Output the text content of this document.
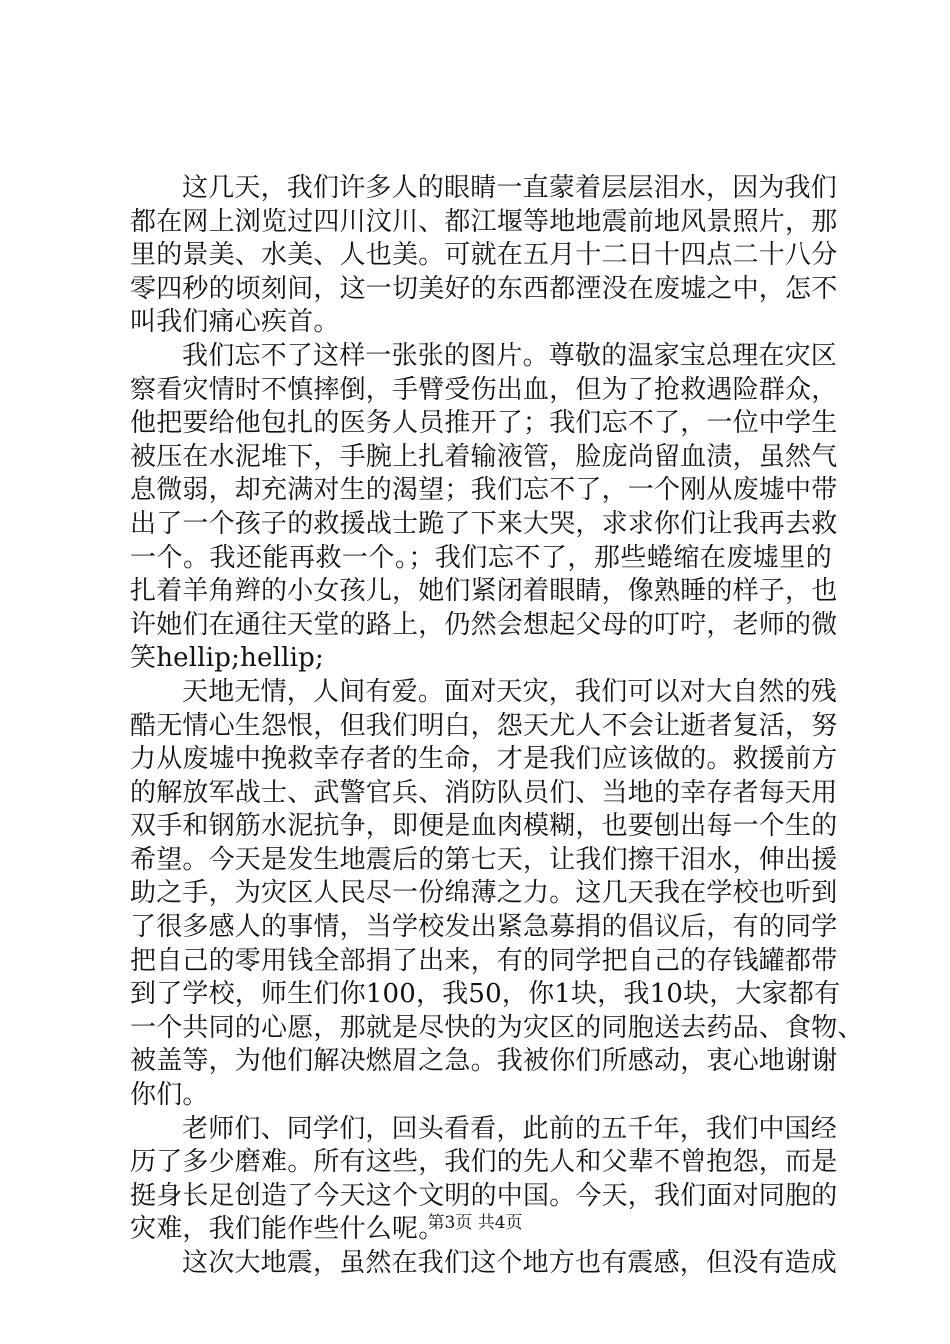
这几天，我们许多人的眼睛一直蒙着层层泪水，因为我们
都在网上浏览过四川汶川、都江堰等地地震前地风景照片，那
里的景美、水美、人也美。可就在五月十二日十四点二十八分
零四秒的顷刻间，这一切美好的东西都湮没在废墟之中，怎不
叫我们痛心疾首。
我们忘不了这样一张张的图片。尊敬的温家宝总理在灾区
察看灾情时不慎摔倒，手臂受伤出血，但为了抢救遇险群众，
他把要给他包扎的医务人员推开了；我们忘不了，一位中学生
被压在水泥堆下，手腕上扎着输液管，脸庞尚留血渍，虽然气
息微弱，却充满对生的渴望；我们忘不了，一个刚从废墟中带
出了一个孩子的救援战士跪了下来大哭，求求你们让我再去救
一个。我还能再救一个。；我们忘不了，那些蜷缩在废墟里的
扎着羊角辫的小女孩儿，她们紧闭着眼睛，像熟睡的样子，也
许她们在通往天堂的路上，仍然会想起父母的叮咛，老师的微
笑hellip;hellip;
天地无情，人间有爱。面对天灾，我们可以对大自然的残
酷无情心生怨恨，但我们明白，怨天尤人不会让逝者复活，努
力从废墟中挽救幸存者的生命，才是我们应该做的。救援前方
的解放军战士、武警官兵、消防队员们、当地的幸存者每天用
双手和钢筋水泥抗争，即便是血肉模糊，也要刨出每一个生的
希望。今天是发生地震后的第七天，让我们擦干泪水，伸出援
助之手，为灾区人民尽一份绵薄之力。这几天我在学校也听到
了很多感人的事情，当学校发出紧急募捐的倡议后，有的同学
把自己的零用钱全部捐了出来，有的同学把自己的存钱罐都带
到了学校，师生们你100，我50，你1块，我10块，大家都有
一个共同的心愿，那就是尽快的为灾区的同胞送去药品、食物、
被盖等，为他们解决燃眉之急。我被你们所感动，衷心地谢谢
你们。
老师们、同学们，回头看看，此前的五千年，我们中国经
历了多少磨难。所有这些，我们的先人和父辈不曾抱怨，而是
挺身长足创造了今天这个文明的中国。今天，我们面对同胞的
灾难，我们能作些什么呢。
这次大地震，虽然在我们这个地方也有震感，但没有造成
第3页 共4页
